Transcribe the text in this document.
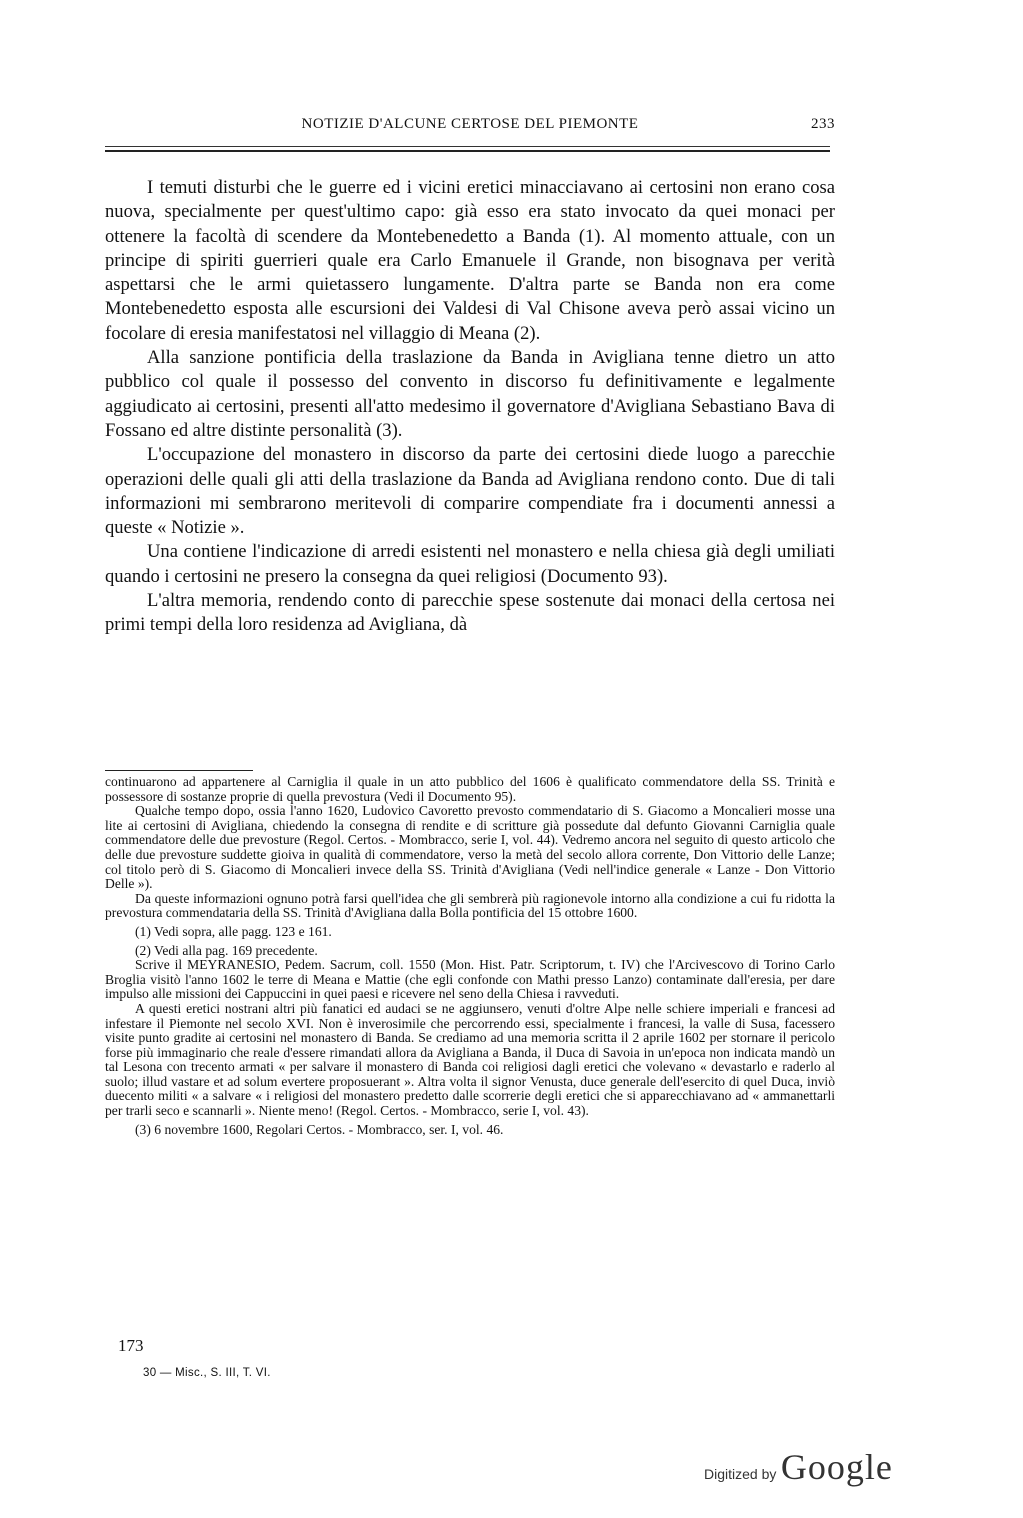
NOTIZIE D'ALCUNE CERTOSE DEL PIEMONTE	233

I temuti disturbi che le guerre ed i vicini eretici minacciavano ai certosini non erano cosa nuova, specialmente per quest'ultimo capo: già esso era stato invocato da quei monaci per ottenere la facoltà di scendere da Montebenedetto a Banda (1). Al momento attuale, con un principe di spiriti guerrieri quale era Carlo Emanuele il Grande, non bisognava per verità aspettarsi che le armi quietassero lungamente. D'altra parte se Banda non era come Montebenedetto esposta alle escursioni dei Valdesi di Val Chisone aveva però assai vicino un focolare di eresia manifestatosi nel villaggio di Meana (2).

Alla sanzione pontificia della traslazione da Banda in Avigliana tenne dietro un atto pubblico col quale il possesso del convento in discorso fu definitivamente e legalmente aggiudicato ai certosini, presenti all'atto medesimo il governatore d'Avigliana Sebastiano Bava di Fossano ed altre distinte personalità (3).

L'occupazione del monastero in discorso da parte dei certosini diede luogo a parecchie operazioni delle quali gli atti della traslazione da Banda ad Avigliana rendono conto. Due di tali informazioni mi sembrarono meritevoli di comparire compendiate fra i documenti annessi a queste « Notizie ».

Una contiene l'indicazione di arredi esistenti nel monastero e nella chiesa già degli umiliati quando i certosini ne presero la consegna da quei religiosi (Documento 93).

L'altra memoria, rendendo conto di parecchie spese sostenute dai monaci della certosa nei primi tempi della loro residenza ad Avigliana, dà

continuarono ad appartenere al Carniglia il quale in un atto pubblico del 1606 è qualificato commendatore della SS. Trinità e possessore di sostanze proprie di quella prevostura (Vedi il Documento 95).

Qualche tempo dopo, ossia l'anno 1620, Ludovico Cavoretto prevosto commendatario di S. Giacomo a Moncalieri mosse una lite ai certosini di Avigliana, chiedendo la consegna di rendite e di scritture già possedute dal defunto Giovanni Carniglia quale commendatore delle due prevosture (Regol. Certos. - Mombracco, serie I, vol. 44). Vedremo ancora nel seguito di questo articolo che delle due prevosture suddette gioiva in qualità di commendatore, verso la metà del secolo allora corrente, Don Vittorio delle Lanze; col titolo però di S. Giacomo di Moncalieri invece della SS. Trinità d'Avigliana (Vedi nell'indice generale « Lanze - Don Vittorio Delle »).

Da queste informazioni ognuno potrà farsi quell'idea che gli sembrerà più ragionevole intorno alla condizione a cui fu ridotta la prevostura commendataria della SS. Trinità d'Avigliana dalla Bolla pontificia del 15 ottobre 1600.

(1) Vedi sopra, alle pagg. 123 e 161.

(2) Vedi alla pag. 169 precedente.

Scrive il MEYRANESIO, Pedem. Sacrum, coll. 1550 (Mon. Hist. Patr. Scriptorum, t. IV) che l'Arcivescovo di Torino Carlo Broglia visitò l'anno 1602 le terre di Meana e Mattie (che egli confonde con Mathi presso Lanzo) contaminate dall'eresia, per dare impulso alle missioni dei Cappuccini in quei paesi e ricevere nel seno della Chiesa i ravveduti.

A questi eretici nostrani altri più fanatici ed audaci se ne aggiunsero, venuti d'oltre Alpe nelle schiere imperiali e francesi ad infestare il Piemonte nel secolo XVI. Non è inverosimile che percorrendo essi, specialmente i francesi, la valle di Susa, facessero visite punto gradite ai certosini nel monastero di Banda. Se crediamo ad una memoria scritta il 2 aprile 1602 per stornare il pericolo forse più immaginario che reale d'essere rimandati allora da Avigliana a Banda, il Duca di Savoia in un'epoca non indicata mandò un tal Lesona con trecento armati « per salvare il monastero di Banda coi religiosi dagli eretici che volevano « devastarlo e raderlo al suolo; illud vastare et ad solum evertere proposuerant ». Altra volta il signor Venusta, duce generale dell'esercito di quel Duca, inviò duecento militi « a salvare « i religiosi del monastero predetto dalle scorrerie degli eretici che si apparecchiavano ad « ammanettarli per trarli seco e scannarli ». Niente meno! (Regol. Certos. - Mombracco, serie I, vol. 43).

(3) 6 novembre 1600, Regolari Certos. - Mombracco, ser. I, vol. 46.

173
30 — Misc., S. III, T. VI.
Digitized by Google
